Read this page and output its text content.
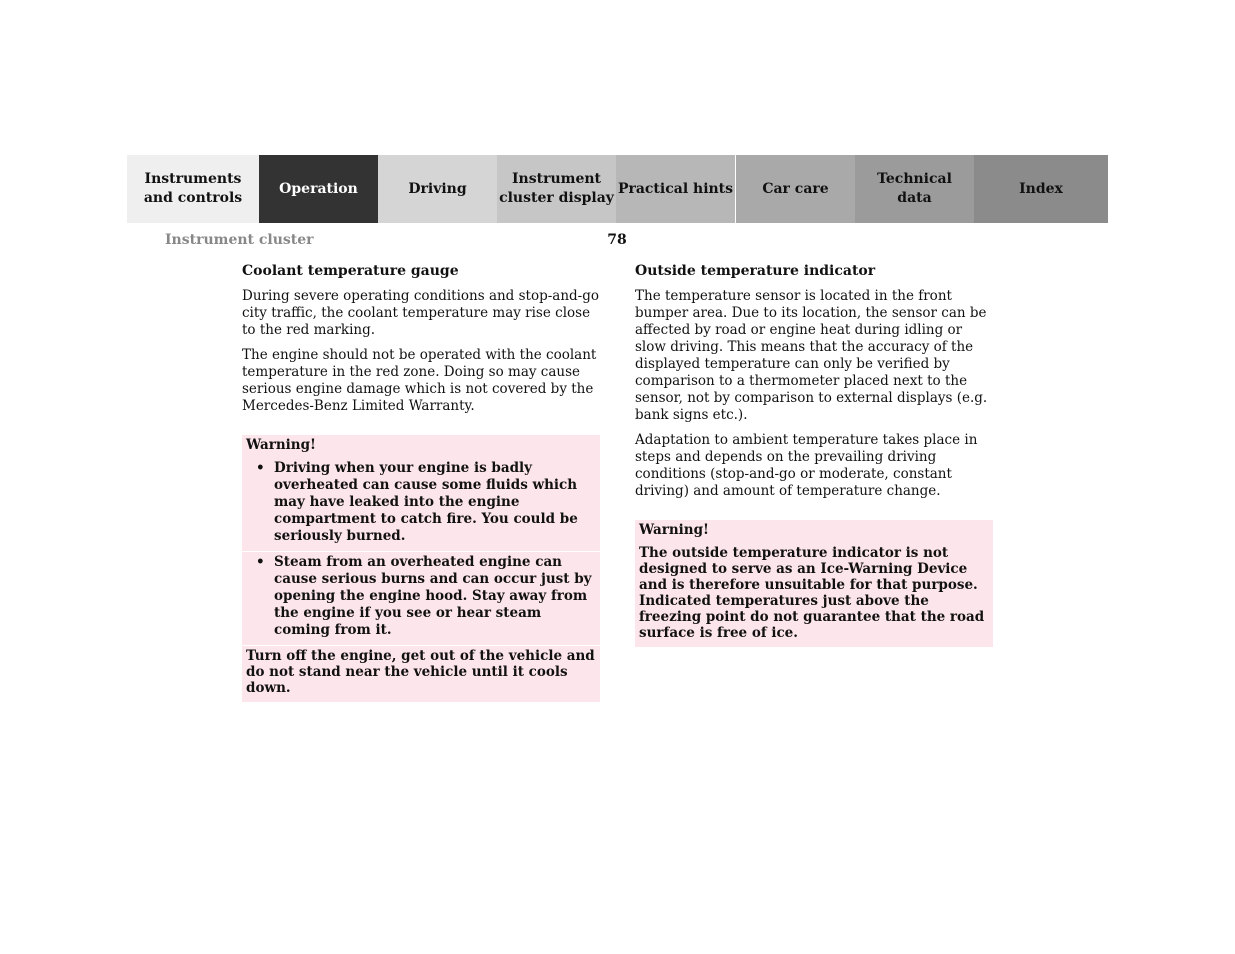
Instruments
and controls
Operation	Driving
Instrument
cluster display
Practical hints	Car care
Technical
data
Index
Instrument cluster	78
Coolant temperature gauge

During severe operating conditions and stop-and-go city traffic, the coolant temperature may rise close to the red marking.

The engine should not be operated with the coolant temperature in the red zone. Doing so may cause serious engine damage which is not covered by the Mercedes-Benz Limited Warranty.

Warning!
• Driving when your engine is badly overheated can cause some fluids which may have leaked into the engine compartment to catch fire. You could be seriously burned.
• Steam from an overheated engine can cause serious burns and can occur just by opening the engine hood. Stay away from the engine if you see or hear steam coming from it.
Turn off the engine, get out of the vehicle and do not stand near the vehicle until it cools down.
Outside temperature indicator

The temperature sensor is located in the front bumper area. Due to its location, the sensor can be affected by road or engine heat during idling or slow driving. This means that the accuracy of the displayed temperature can only be verified by comparison to a thermometer placed next to the sensor, not by comparison to external displays (e.g. bank signs etc.).

Adaptation to ambient temperature takes place in steps and depends on the prevailing driving conditions (stop-and-go or moderate, constant driving) and amount of temperature change.

Warning!
The outside temperature indicator is not designed to serve as an Ice-Warning Device and is therefore unsuitable for that purpose. Indicated temperatures just above the freezing point do not guarantee that the road surface is free of ice.
